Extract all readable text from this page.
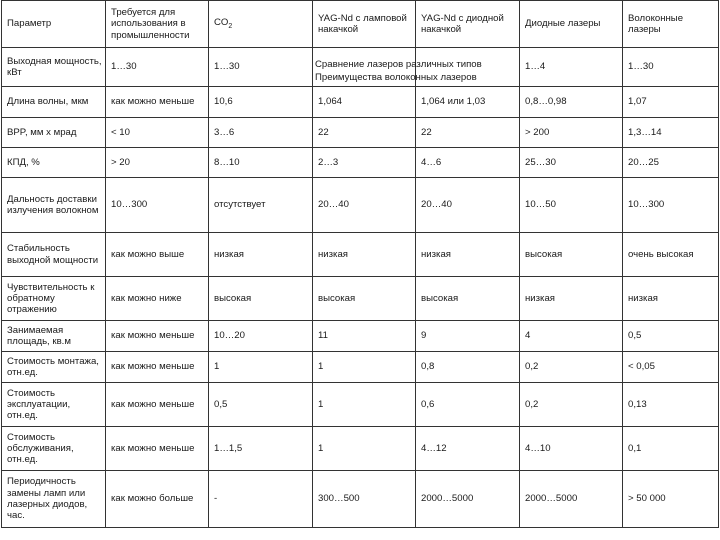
Параметр	Требуется для использования в промышленности	$CO_2$	YAG-Nd с ламповой накачкой	YAG-Nd с диодной накачкой	Диодные лазеры	Волоконные лазеры
Выходная мощность, кВт	1…30	1…30			1…4	1…30
Длина волны, мкм	как можно меньше	10,6	1,064	1,064 или 1,03	0,8…0,98	1,07
BPP, мм х мрад	< 10	3…6	22	22	> 200	1,3…14
КПД, %	> 20	8…10	2…3	4…6	25…30	20…25
Дальность доставки излучения волокном	10…300	отсутствует	20…40	20…40	10…50	10…300
Стабильность выходной мощности	как можно выше	низкая	низкая	низкая	высокая	очень высокая
Чувствительность к обратному отражению	как можно ниже	высокая	высокая	высокая	низкая	низкая
Занимаемая площадь, кв.м	как можно меньше	10…20	11	9	4	0,5
Стоимость монтажа, отн.ед.	как можно меньше	1	1	0,8	0,2	< 0,05
Стоимость эксплуатации, отн.ед.	как можно меньше	0,5	1	0,6	0,2	0,13
Стоимость обслуживания, отн.ед.	как можно меньше	1…1,5	1	4…12	4…10	0,1
Периодичность замены ламп или лазерных диодов, час.	как можно больше	-	300…500	2000…5000	2000…5000	> 50 000
Сравнение лазеров различных типов
Преимущества волоконных лазеров
